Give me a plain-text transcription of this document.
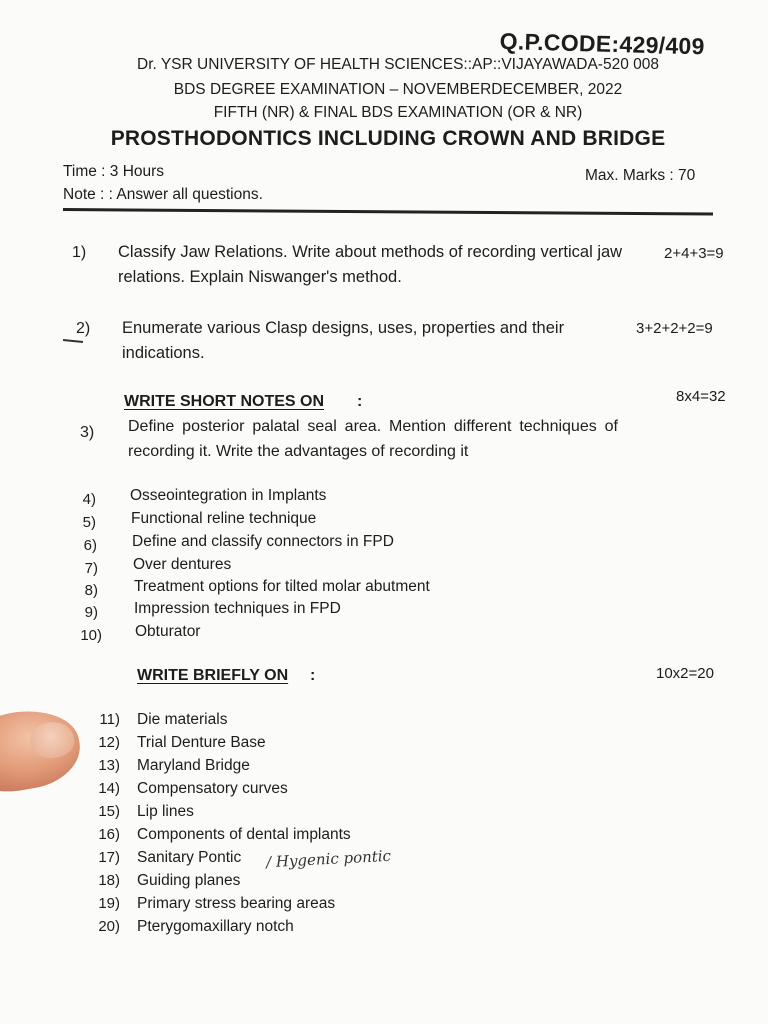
Q.P.CODE:429/409
Dr. YSR UNIVERSITY OF HEALTH SCIENCES::AP::VIJAYAWADA-520 008
BDS DEGREE EXAMINATION – NOVEMBERDECEMBER, 2022
FIFTH (NR) & FINAL BDS EXAMINATION (OR & NR)
PROSTHODONTICS INCLUDING CROWN AND BRIDGE
Time : 3 Hours
Note : : Answer all questions.
Max. Marks : 70
1) Classify Jaw Relations. Write about methods of recording vertical jaw relations. Explain Niswanger's method.
2+4+3=9
2) Enumerate various Clasp designs, uses, properties and their indications.
3+2+2+2=9
WRITE SHORT NOTES ON :	8x4=32
3) Define posterior palatal seal area. Mention different techniques of recording it. Write the advantages of recording it
4) Osseointegration in Implants
5) Functional reline technique
6) Define and classify connectors in FPD
7) Over dentures
8) Treatment options for tilted molar abutment
9) Impression techniques in FPD
10) Obturator
WRITE BRIEFLY ON :	10x2=20
11) Die materials
12) Trial Denture Base
13) Maryland Bridge
14) Compensatory curves
15) Lip lines
16) Components of dental implants
17) Sanitary Pontic
18) Guiding planes
19) Primary stress bearing areas
20) Pterygomaxillary notch
/ Hygenic pontic
